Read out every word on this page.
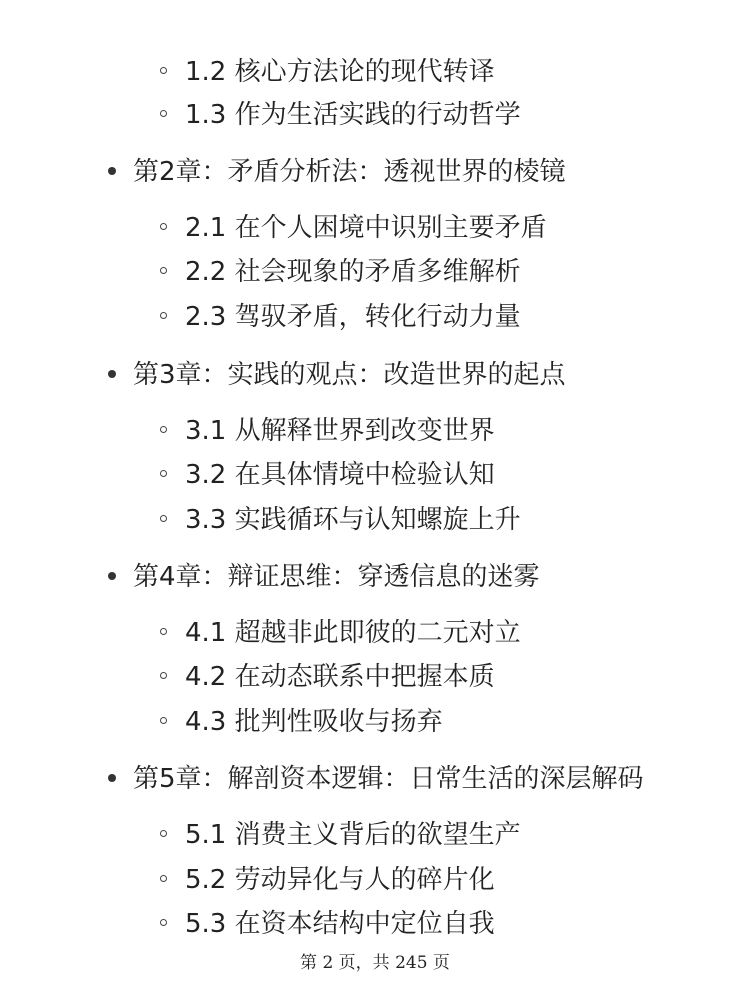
1.2 核心方法论的现代转译
1.3 作为生活实践的行动哲学
第2章：矛盾分析法：透视世界的棱镜
2.1 在个人困境中识别主要矛盾
2.2 社会现象的矛盾多维解析
2.3 驾驭矛盾，转化行动力量
第3章：实践的观点：改造世界的起点
3.1 从解释世界到改变世界
3.2 在具体情境中检验认知
3.3 实践循环与认知螺旋上升
第4章：辩证思维：穿透信息的迷雾
4.1 超越非此即彼的二元对立
4.2 在动态联系中把握本质
4.3 批判性吸收与扬弃
第5章：解剖资本逻辑：日常生活的深层解码
5.1 消费主义背后的欲望生产
5.2 劳动异化与人的碎片化
5.3 在资本结构中定位自我
第 2 页，共 245 页
